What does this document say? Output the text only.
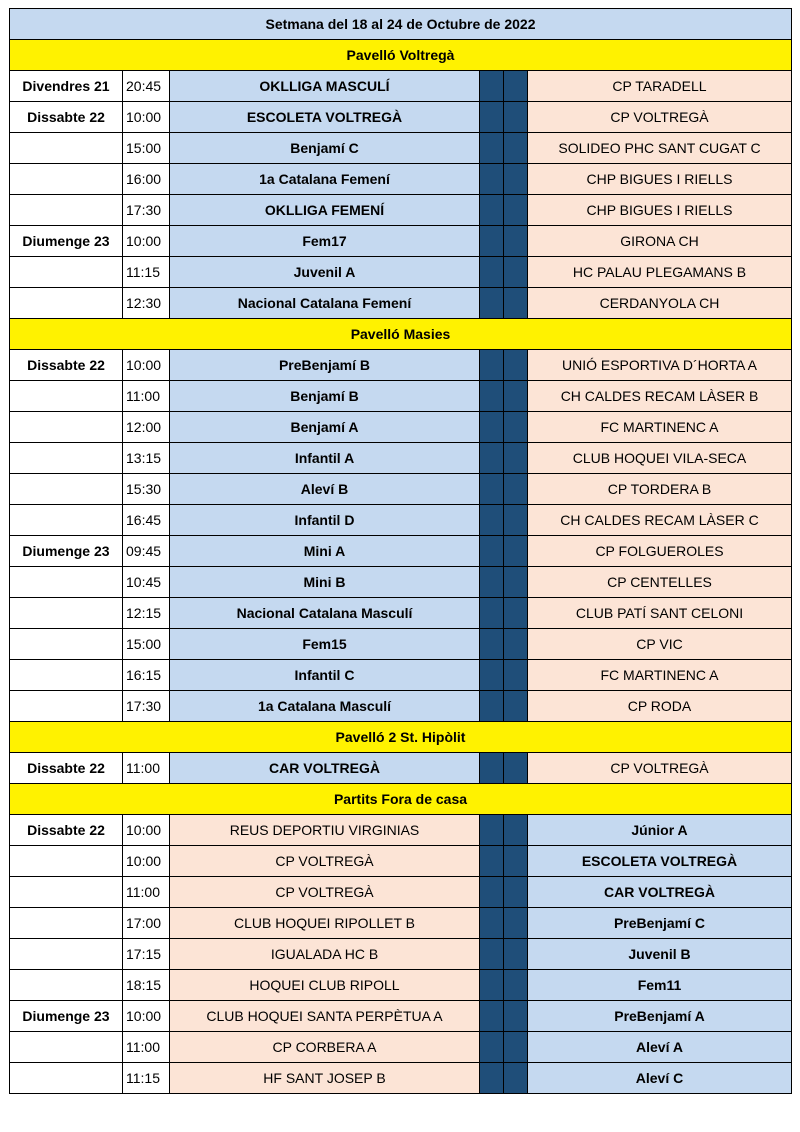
Setmana del 18 al 24 de Octubre de 2022					
Pavelló Voltregà					
Divendres 21	20:45	OKLLIGA MASCULÍ			CP TARADELL
Dissabte 22	10:00	ESCOLETA VOLTREGÀ			CP VOLTREGÀ
	15:00	Benjamí C			SOLIDEO PHC SANT CUGAT C
	16:00	1a Catalana Femení			CHP BIGUES I RIELLS
	17:30	OKLLIGA FEMENÍ			CHP BIGUES I RIELLS
Diumenge 23	10:00	Fem17			GIRONA CH
	11:15	Juvenil A			HC PALAU PLEGAMANS B
	12:30	Nacional Catalana Femení			CERDANYOLA CH
Pavelló Masies					
Dissabte 22	10:00	PreBenjamí B			UNIÓ ESPORTIVA D´HORTA A
	11:00	Benjamí B			CH CALDES RECAM LÀSER B
	12:00	Benjamí A			FC MARTINENC A
	13:15	Infantil A			CLUB HOQUEI VILA-SECA
	15:30	Aleví B			CP TORDERA B
	16:45	Infantil D			CH CALDES RECAM LÀSER C
Diumenge 23	09:45	Mini A			CP FOLGUEROLES
	10:45	Mini B			CP CENTELLES
	12:15	Nacional Catalana Masculí			CLUB PATÍ SANT CELONI
	15:00	Fem15			CP VIC
	16:15	Infantil C			FC MARTINENC A
	17:30	1a Catalana Masculí			CP RODA
Pavelló 2 St. Hipòlit					
Dissabte 22	11:00	CAR VOLTREGÀ			CP VOLTREGÀ
Partits Fora de casa					
Dissabte 22	10:00	REUS DEPORTIU VIRGINIAS			Júnior A
	10:00	CP VOLTREGÀ			ESCOLETA VOLTREGÀ
	11:00	CP VOLTREGÀ			CAR VOLTREGÀ
	17:00	CLUB HOQUEI RIPOLLET B			PreBenjamí C
	17:15	IGUALADA HC B			Juvenil B
	18:15	HOQUEI CLUB RIPOLL			Fem11
Diumenge 23	10:00	CLUB HOQUEI SANTA PERPÈTUA A			PreBenjamí A
	11:00	CP CORBERA A			Aleví A
	11:15	HF SANT JOSEP B			Aleví C
